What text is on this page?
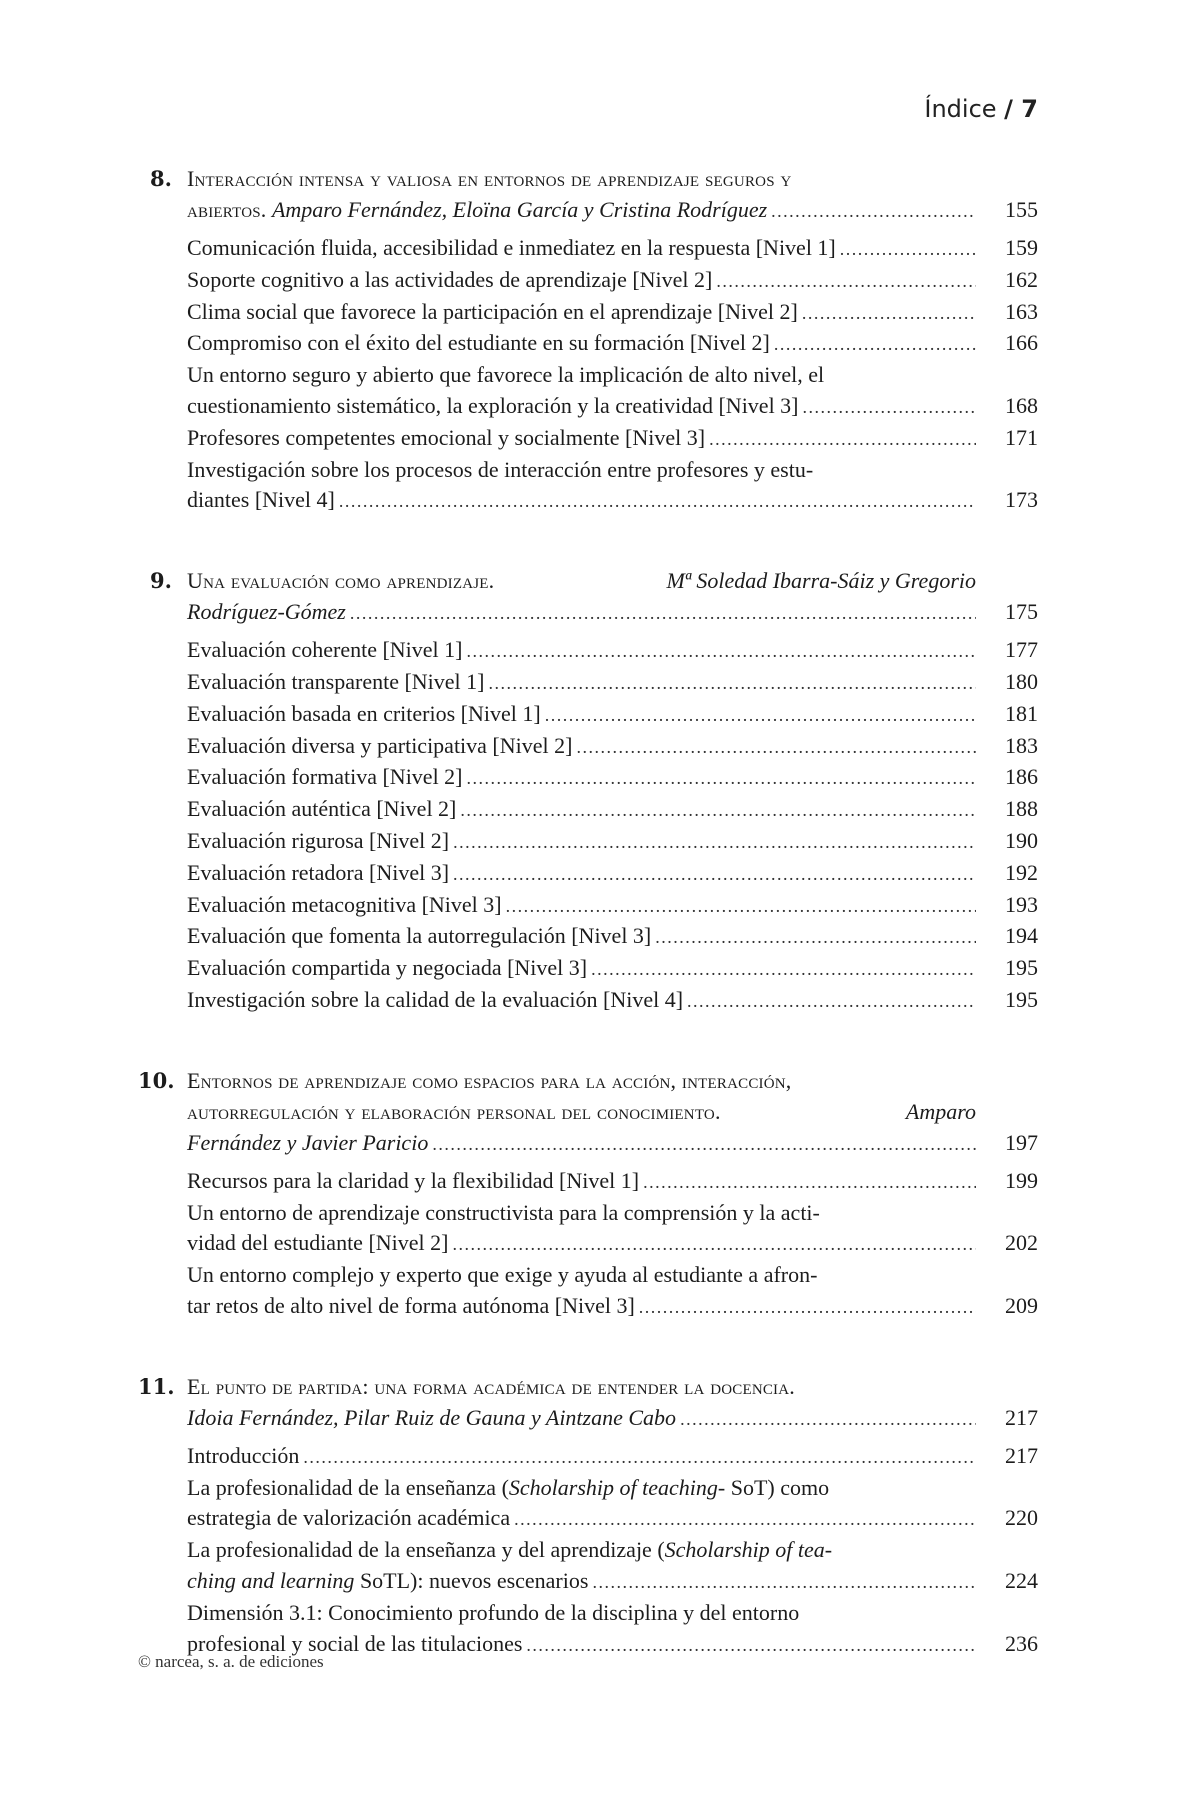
Índice / 7
8. Interacción intensa y valiosa en entornos de aprendizaje seguros y
abiertos. Amparo Fernández, Eloïna García y Cristina Rodríguez .....	155
Comunicación fluida, accesibilidad e inmediatez en la respuesta [Nivel 1] .....	159
Soporte cognitivo a las actividades de aprendizaje [Nivel 2] .....	162
Clima social que favorece la participación en el aprendizaje [Nivel 2] .....	163
Compromiso con el éxito del estudiante en su formación [Nivel 2] .....	166
Un entorno seguro y abierto que favorece la implicación de alto nivel, el
cuestionamiento sistemático, la exploración y la creatividad [Nivel 3] .....	168
Profesores competentes emocional y socialmente [Nivel 3] .....	171
Investigación sobre los procesos de interacción entre profesores y estu-
diantes [Nivel 4] .....	173
9. Una evaluación como aprendizaje.	Mª Soledad Ibarra-Sáiz y Gregorio
Rodríguez-Gómez .....	175
Evaluación coherente [Nivel 1] .....	177
Evaluación transparente [Nivel 1] .....	180
Evaluación basada en criterios [Nivel 1] .....	181
Evaluación diversa y participativa [Nivel 2] .....	183
Evaluación formativa [Nivel 2] .....	186
Evaluación auténtica [Nivel 2] .....	188
Evaluación rigurosa [Nivel 2] .....	190
Evaluación retadora [Nivel 3] .....	192
Evaluación metacognitiva [Nivel 3] .....	193
Evaluación que fomenta la autorregulación [Nivel 3] .....	194
Evaluación compartida y negociada [Nivel 3] .....	195
Investigación sobre la calidad de la evaluación [Nivel 4] .....	195
10. Entornos de aprendizaje como espacios para la acción, interacción,
autorregulación y elaboración personal del conocimiento.	Amparo
Fernández y Javier Paricio .....	197
Recursos para la claridad y la flexibilidad [Nivel 1] .....	199
Un entorno de aprendizaje constructivista para la comprensión y la acti-
vidad del estudiante [Nivel 2] .....	202
Un entorno complejo y experto que exige y ayuda al estudiante a afron-
tar retos de alto nivel de forma autónoma [Nivel 3] .....	209
11. El punto de partida: una forma académica de entender la docencia.
Idoia Fernández, Pilar Ruiz de Gauna y Aintzane Cabo .....	217
Introducción .....	217
La profesionalidad de la enseñanza (Scholarship of teaching- SoT) como
estrategia de valorización académica .....	220
La profesionalidad de la enseñanza y del aprendizaje (Scholarship of tea-
ching and learning SoTL): nuevos escenarios .....	224
Dimensión 3.1: Conocimiento profundo de la disciplina y del entorno
profesional y social de las titulaciones .....	236
© narcea, s. a. de ediciones
